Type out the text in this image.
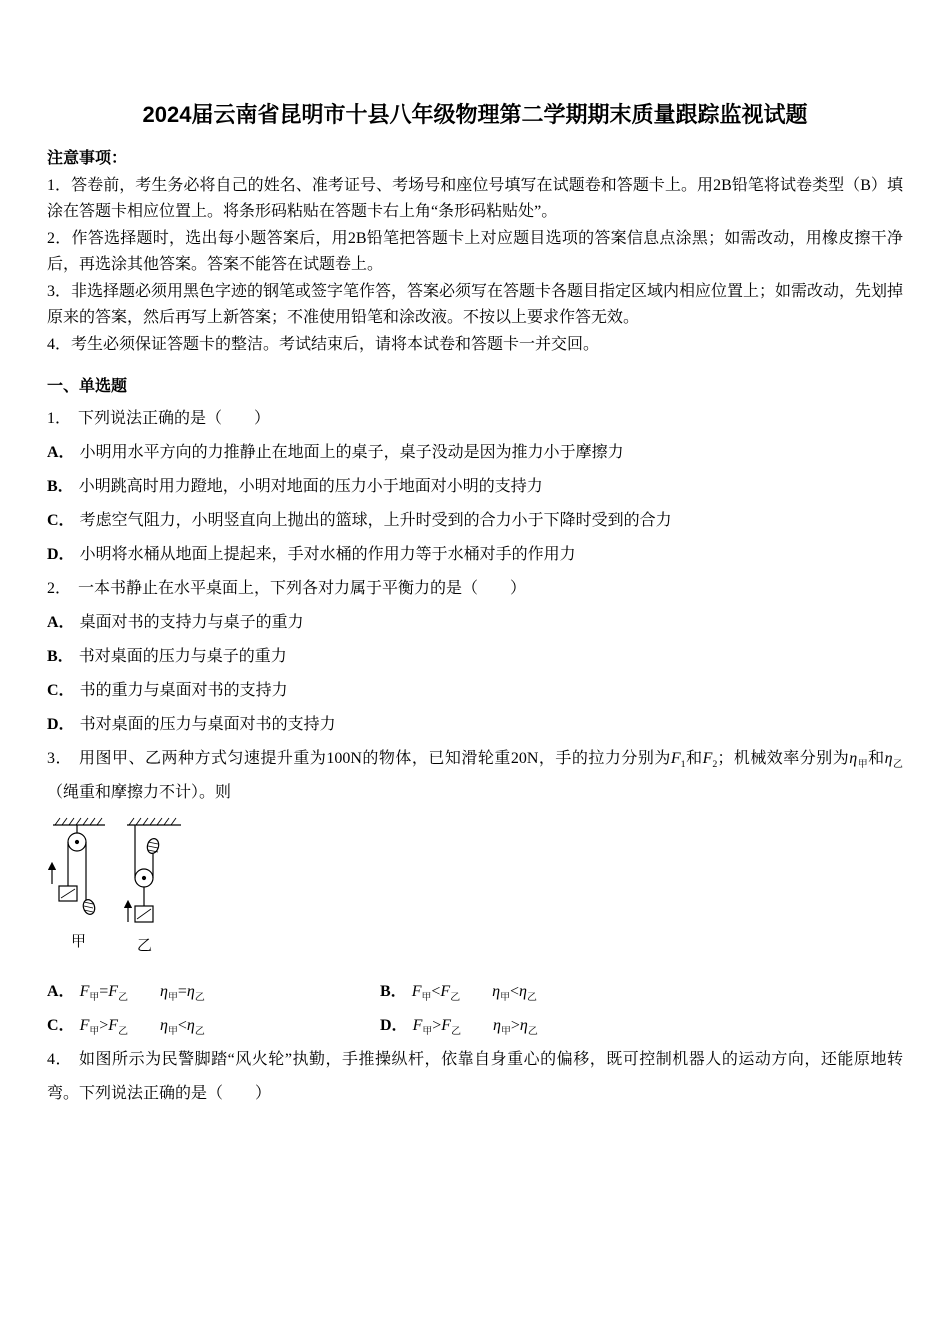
2024届云南省昆明市十县八年级物理第二学期期末质量跟踪监视试题

注意事项：

1．答卷前，考生务必将自己的姓名、准考证号、考场号和座位号填写在试题卷和答题卡上。用2B铅笔将试卷类型（B）填涂在答题卡相应位置上。将条形码粘贴在答题卡右上角“条形码粘贴处”。

2．作答选择题时，选出每小题答案后，用2B铅笔把答题卡上对应题目选项的答案信息点涂黑；如需改动，用橡皮擦干净后，再选涂其他答案。答案不能答在试题卷上。

3．非选择题必须用黑色字迹的钢笔或签字笔作答，答案必须写在答题卡各题目指定区域内相应位置上；如需改动，先划掉原来的答案，然后再写上新答案；不准使用铅笔和涂改液。不按以上要求作答无效。

4．考生必须保证答题卡的整洁。考试结束后，请将本试卷和答题卡一并交回。

一、单选题

1． 下列说法正确的是（　　）

A． 小明用水平方向的力推静止在地面上的桌子，桌子没动是因为推力小于摩擦力

B． 小明跳高时用力蹬地，小明对地面的压力小于地面对小明的支持力

C． 考虑空气阻力，小明竖直向上抛出的篮球，上升时受到的合力小于下降时受到的合力

D． 小明将水桶从地面上提起来，手对水桶的作用力等于水桶对手的作用力

2． 一本书静止在水平桌面上，下列各对力属于平衡力的是（　　）

A． 桌面对书的支持力与桌子的重力

B． 书对桌面的压力与桌子的重力

C． 书的重力与桌面对书的支持力

D． 书对桌面的压力与桌面对书的支持力

3． 用图甲、乙两种方式匀速提升重为100N的物体，已知滑轮重20N，手的拉力分别为$F_1$和$F_2$；机械效率分别为$\eta_甲$和$\eta_乙$（绳重和摩擦力不计）。则

甲	乙

A． $F_甲=F_乙$　　 $\eta_甲=\eta_乙$	B． $F_甲<F_乙$　　 $\eta_甲<\eta_乙$

C． $F_甲>F_乙$　　 $\eta_甲<\eta_乙$	D． $F_甲>F_乙$　　 $\eta_甲>\eta_乙$

4． 如图所示为民警脚踏“风火轮”执勤，手推操纵杆，依靠自身重心的偏移，既可控制机器人的运动方向，还能原地转弯。下列说法正确的是（　　）
